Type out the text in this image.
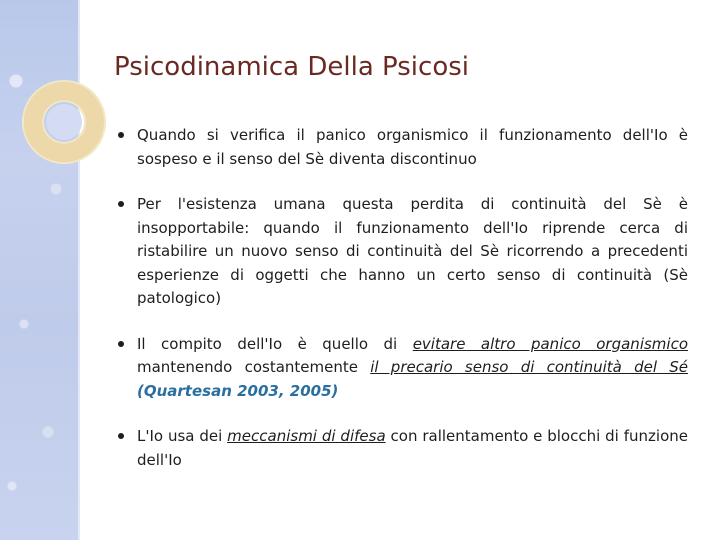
Psicodinamica Della Psicosi
Quando si verifica il panico organismico il funzionamento dell'Io è sospeso e il senso del Sè diventa discontinuo
Per l'esistenza umana questa perdita di continuità del Sè è insopportabile: quando il funzionamento dell'Io riprende cerca di ristabilire un nuovo senso di continuità del Sè ricorrendo a precedenti esperienze di oggetti che hanno un certo senso di continuità (Sè patologico)
Il compito dell'Io è quello di evitare altro panico organismico mantenendo costantemente il precario senso di continuità del Sé (Quartesan 2003, 2005)
L'Io usa dei meccanismi di difesa con rallentamento e blocchi di funzione dell'Io
